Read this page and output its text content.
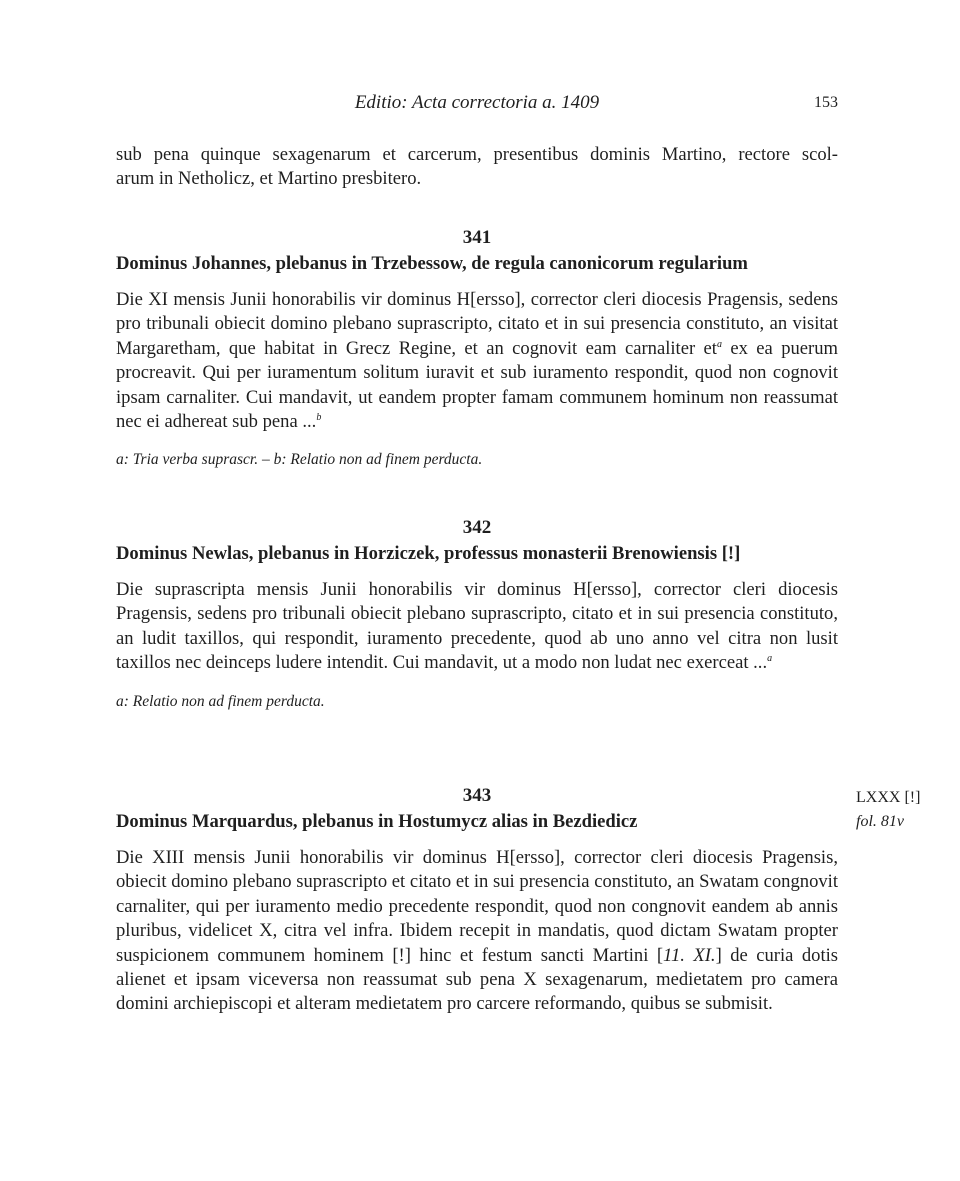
Editio: Acta correctoria a. 1409	153

sub pena quinque sexagenarum et carcerum, presentibus dominis Martino, rectore scol-

arum in Netholicz, et Martino presbitero.

341

Dominus Johannes, plebanus in Trzebessow, de regula canonicorum regularium

Die XI mensis Junii honorabilis vir dominus H[ersso], corrector cleri diocesis Pragensis, sedens pro tribunali obiecit domino plebano suprascripto, citato et in sui presencia constituto, an visitat Margaretham, que habitat in Grecz Regine, et an cognovit eam carnaliter $et^a$ ex ea puerum procreavit. Qui per iuramentum solitum iuravit et sub iuramento respondit, quod non cognovit ipsam carnaliter. Cui mandavit, ut eandem propter famam communem hominum non reassumat nec ei adhereat sub pena ...$^b$

a: Tria verba suprascr. – b: Relatio non ad finem perducta.

342

Dominus Newlas, plebanus in Horziczek, professus monasterii Brenowiensis [!]

Die suprascripta mensis Junii honorabilis vir dominus H[ersso], corrector cleri diocesis Pragensis, sedens pro tribunali obiecit plebano suprascripto, citato et in sui presencia constituto, an ludit taxillos, qui respondit, iuramento precedente, quod ab uno anno vel citra non lusit taxillos nec deinceps ludere intendit. Cui mandavit, ut a modo non ludat nec exerceat ...$^a$

a: Relatio non ad finem perducta.

343

Dominus Marquardus, plebanus in Hostumycz alias in Bezdiedicz

Die XIII mensis Junii honorabilis vir dominus H[ersso], corrector cleri diocesis Pragensis, obiecit domino plebano suprascripto et citato et in sui presencia constituto, an Swatam congnovit carnaliter, qui per iuramento medio precedente respondit, quod non congnovit eandem ab annis pluribus, videlicet X, citra vel infra. Ibidem recepit in mandatis, quod dictam Swatam propter suspicionem communem hominem [!] hinc et festum sancti Martini [11. XI.] de curia dotis alienet et ipsam viceversa non reassumat sub pena X sexagenarum, medietatem pro camera domini archiepiscopi et alteram medietatem pro carcere reformando, quibus se submisit.

LXXX [!]
fol. 81v
